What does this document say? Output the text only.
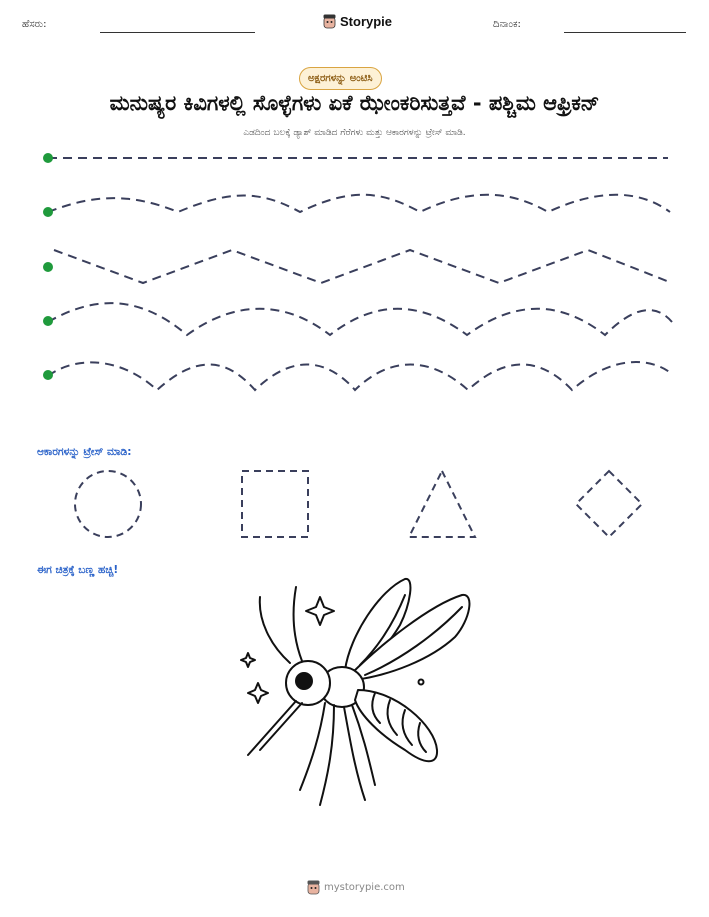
ಹೆಸರು:	Storypie	ದಿನಾಂಕ:
ಅಕ್ಷರಗಳನ್ನು ಅಂಟಿಸಿ
ಮನುಷ್ಯರ ಕಿವಿಗಳಲ್ಲಿ ಸೊಳ್ಳೆಗಳು ಏಕೆ ಝೇಂಕರಿಸುತ್ತವೆ - ಪಶ್ಚಿಮ ಆಫ್ರಿಕನ್
ಎಡದಿಂದ ಬಲಕ್ಕೆ ಡ್ಯಾಶ್ ಮಾಡಿದ ಗೆರೆಗಳು ಮತ್ತು ಆಕಾರಗಳನ್ನು ಟ್ರೇಸ್ ಮಾಡಿ.
ಆಕಾರಗಳನ್ನು ಟ್ರೇಸ್ ಮಾಡಿ:
ಈಗ ಚಿತ್ರಕ್ಕೆ ಬಣ್ಣ ಹಚ್ಚಿ!
mystorypie.com
